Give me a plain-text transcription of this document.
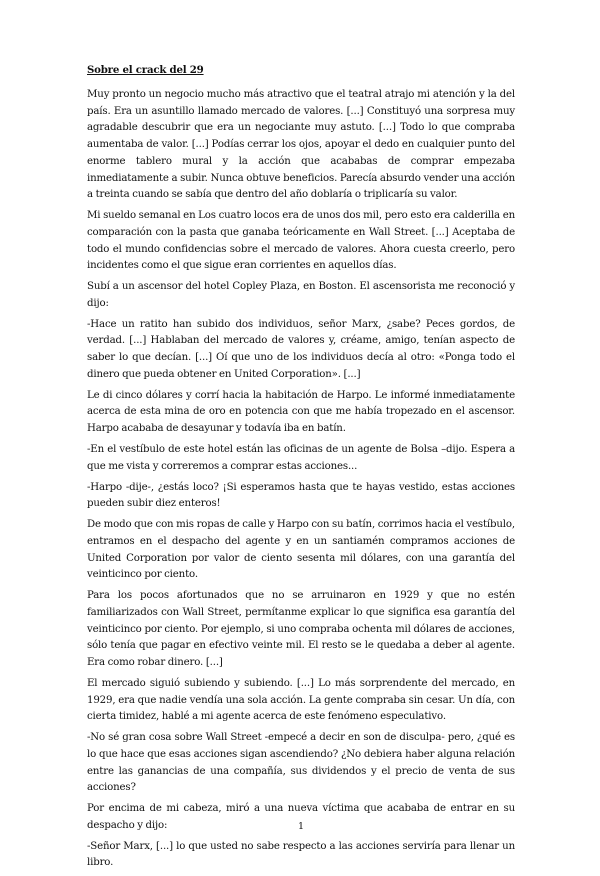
Sobre el crack del 29

Muy pronto un negocio mucho más atractivo que el teatral atrajo mi atención y la del país. Era un asuntillo llamado mercado de valores. [...] Constituyó una sorpresa muy agradable descubrir que era un negociante muy astuto. [...] Todo lo que compraba aumentaba de valor. [...] Podías cerrar los ojos, apoyar el dedo en cualquier punto del enorme tablero mural y la acción que acababas de comprar empezaba inmediatamente a subir. Nunca obtuve beneficios. Parecía absurdo vender una acción a treinta cuando se sabía que dentro del año doblaría o triplicaría su valor.

Mi sueldo semanal en Los cuatro locos era de unos dos mil, pero esto era calderilla en comparación con la pasta que ganaba teóricamente en Wall Street. [...] Aceptaba de todo el mundo confidencias sobre el mercado de valores. Ahora cuesta creerlo, pero incidentes como el que sigue eran corrientes en aquellos días.

Subí a un ascensor del hotel Copley Plaza, en Boston. El ascensorista me reconoció y dijo:

-Hace un ratito han subido dos individuos, señor Marx, ¿sabe? Peces gordos, de verdad. [...] Hablaban del mercado de valores y, créame, amigo, tenían aspecto de saber lo que decían. [...] Oí que uno de los individuos decía al otro: «Ponga todo el dinero que pueda obtener en United Corporation». [...]

Le di cinco dólares y corrí hacia la habitación de Harpo. Le informé inmediatamente acerca de esta mina de oro en potencia con que me había tropezado en el ascensor. Harpo acababa de desayunar y todavía iba en batín.

-En el vestíbulo de este hotel están las oficinas de un agente de Bolsa –dijo. Espera a que me vista y correremos a comprar estas acciones...

-Harpo -dije-, ¿estás loco? ¡Si esperamos hasta que te hayas vestido, estas acciones pueden subir diez enteros!

De modo que con mis ropas de calle y Harpo con su batín, corrimos hacia el vestíbulo, entramos en el despacho del agente y en un santiamén compramos acciones de United Corporation por valor de ciento sesenta mil dólares, con una garantía del veinticinco por ciento.

Para los pocos afortunados que no se arruinaron en 1929 y que no estén familiarizados con Wall Street, permítanme explicar lo que significa esa garantía del veinticinco por ciento. Por ejemplo, si uno compraba ochenta mil dólares de acciones, sólo tenía que pagar en efectivo veinte mil. El resto se le quedaba a deber al agente. Era como robar dinero. [...]

El mercado siguió subiendo y subiendo. [...] Lo más sorprendente del mercado, en 1929, era que nadie vendía una sola acción. La gente compraba sin cesar. Un día, con cierta timidez, hablé a mi agente acerca de este fenómeno especulativo.

-No sé gran cosa sobre Wall Street -empecé a decir en son de disculpa- pero, ¿qué es lo que hace que esas acciones sigan ascendiendo? ¿No debiera haber alguna relación entre las ganancias de una compañía, sus dividendos y el precio de venta de sus acciones?

Por encima de mi cabeza, miró a una nueva víctima que acababa de entrar en su despacho y dijo:

-Señor Marx, [...] lo que usted no sabe respecto a las acciones serviría para llenar un libro.

1
